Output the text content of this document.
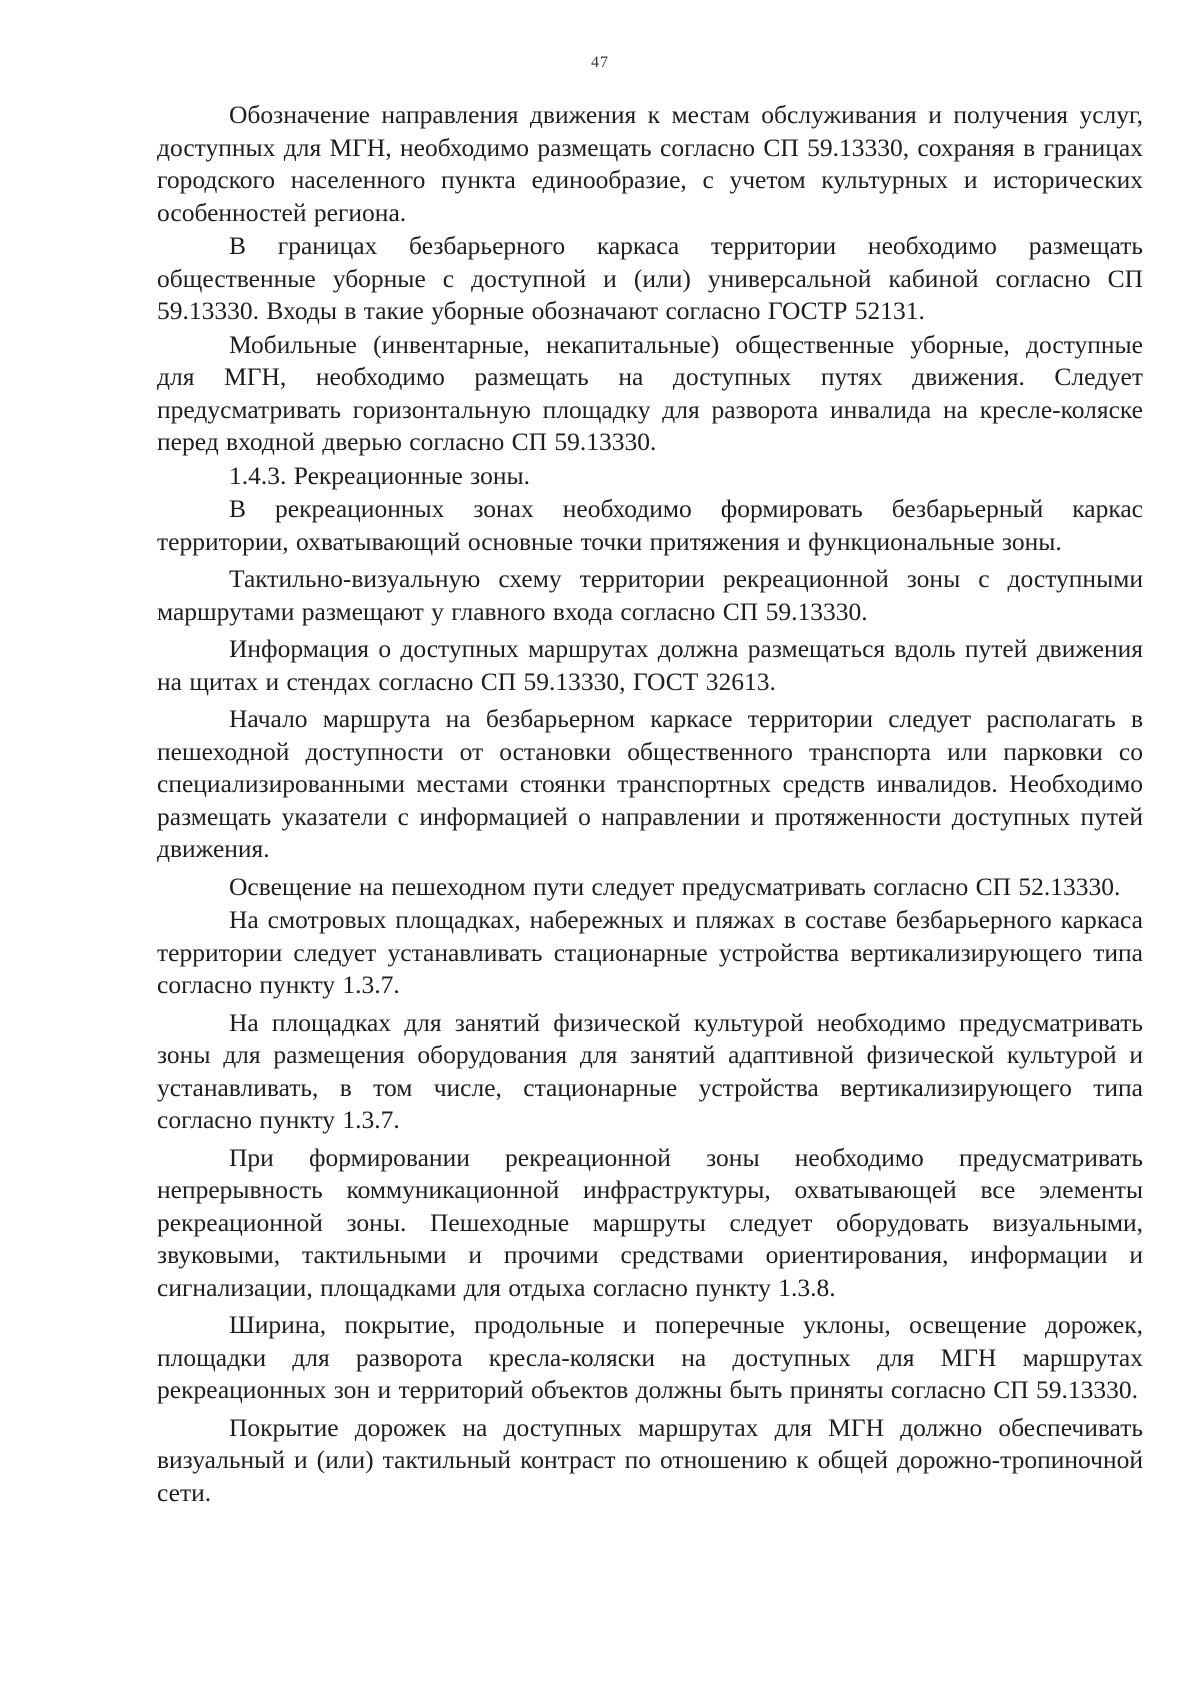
47

Обозначение направления движения к местам обслуживания и получения услуг, доступных для МГН, необходимо размещать согласно СП 59.13330, сохраняя в границах городского населенного пункта единообразие, с учетом культурных и исторических особенностей региона.

В границах безбарьерного каркаса территории необходимо размещать общественные уборные с доступной и (или) универсальной кабиной согласно СП 59.13330. Входы в такие уборные обозначают согласно ГОСТР 52131.

Мобильные (инвентарные, некапитальные) общественные уборные, доступные для МГН, необходимо размещать на доступных путях движения. Следует предусматривать горизонтальную площадку для разворота инвалида на кресле-коляске перед входной дверью согласно СП 59.13330.

1.4.3. Рекреационные зоны.

В рекреационных зонах необходимо формировать безбарьерный каркас территории, охватывающий основные точки притяжения и функциональные зоны.

Тактильно-визуальную схему территории рекреационной зоны с доступными маршрутами размещают у главного входа согласно СП 59.13330.

Информация о доступных маршрутах должна размещаться вдоль путей движения на щитах и стендах согласно СП 59.13330, ГОСТ 32613.

Начало маршрута на безбарьерном каркасе территории следует располагать в пешеходной доступности от остановки общественного транспорта или парковки со специализированными местами стоянки транспортных средств инвалидов. Необходимо размещать указатели с информацией о направлении и протяженности доступных путей движения.

Освещение на пешеходном пути следует предусматривать согласно СП 52.13330.

На смотровых площадках, набережных и пляжах в составе безбарьерного каркаса территории следует устанавливать стационарные устройства вертикализирующего типа согласно пункту 1.3.7.

На площадках для занятий физической культурой необходимо предусматривать зоны для размещения оборудования для занятий адаптивной физической культурой и устанавливать, в том числе, стационарные устройства вертикализирующего типа согласно пункту 1.3.7.

При формировании рекреационной зоны необходимо предусматривать непрерывность коммуникационной инфраструктуры, охватывающей все элементы рекреационной зоны. Пешеходные маршруты следует оборудовать визуальными, звуковыми, тактильными и прочими средствами ориентирования, информации и сигнализации, площадками для отдыха согласно пункту 1.3.8.

Ширина, покрытие, продольные и поперечные уклоны, освещение дорожек, площадки для разворота кресла-коляски на доступных для МГН маршрутах рекреационных зон и территорий объектов должны быть приняты согласно СП 59.13330.

Покрытие дорожек на доступных маршрутах для МГН должно обеспечивать визуальный и (или) тактильный контраст по отношению к общей дорожно-тропиночной сети.
